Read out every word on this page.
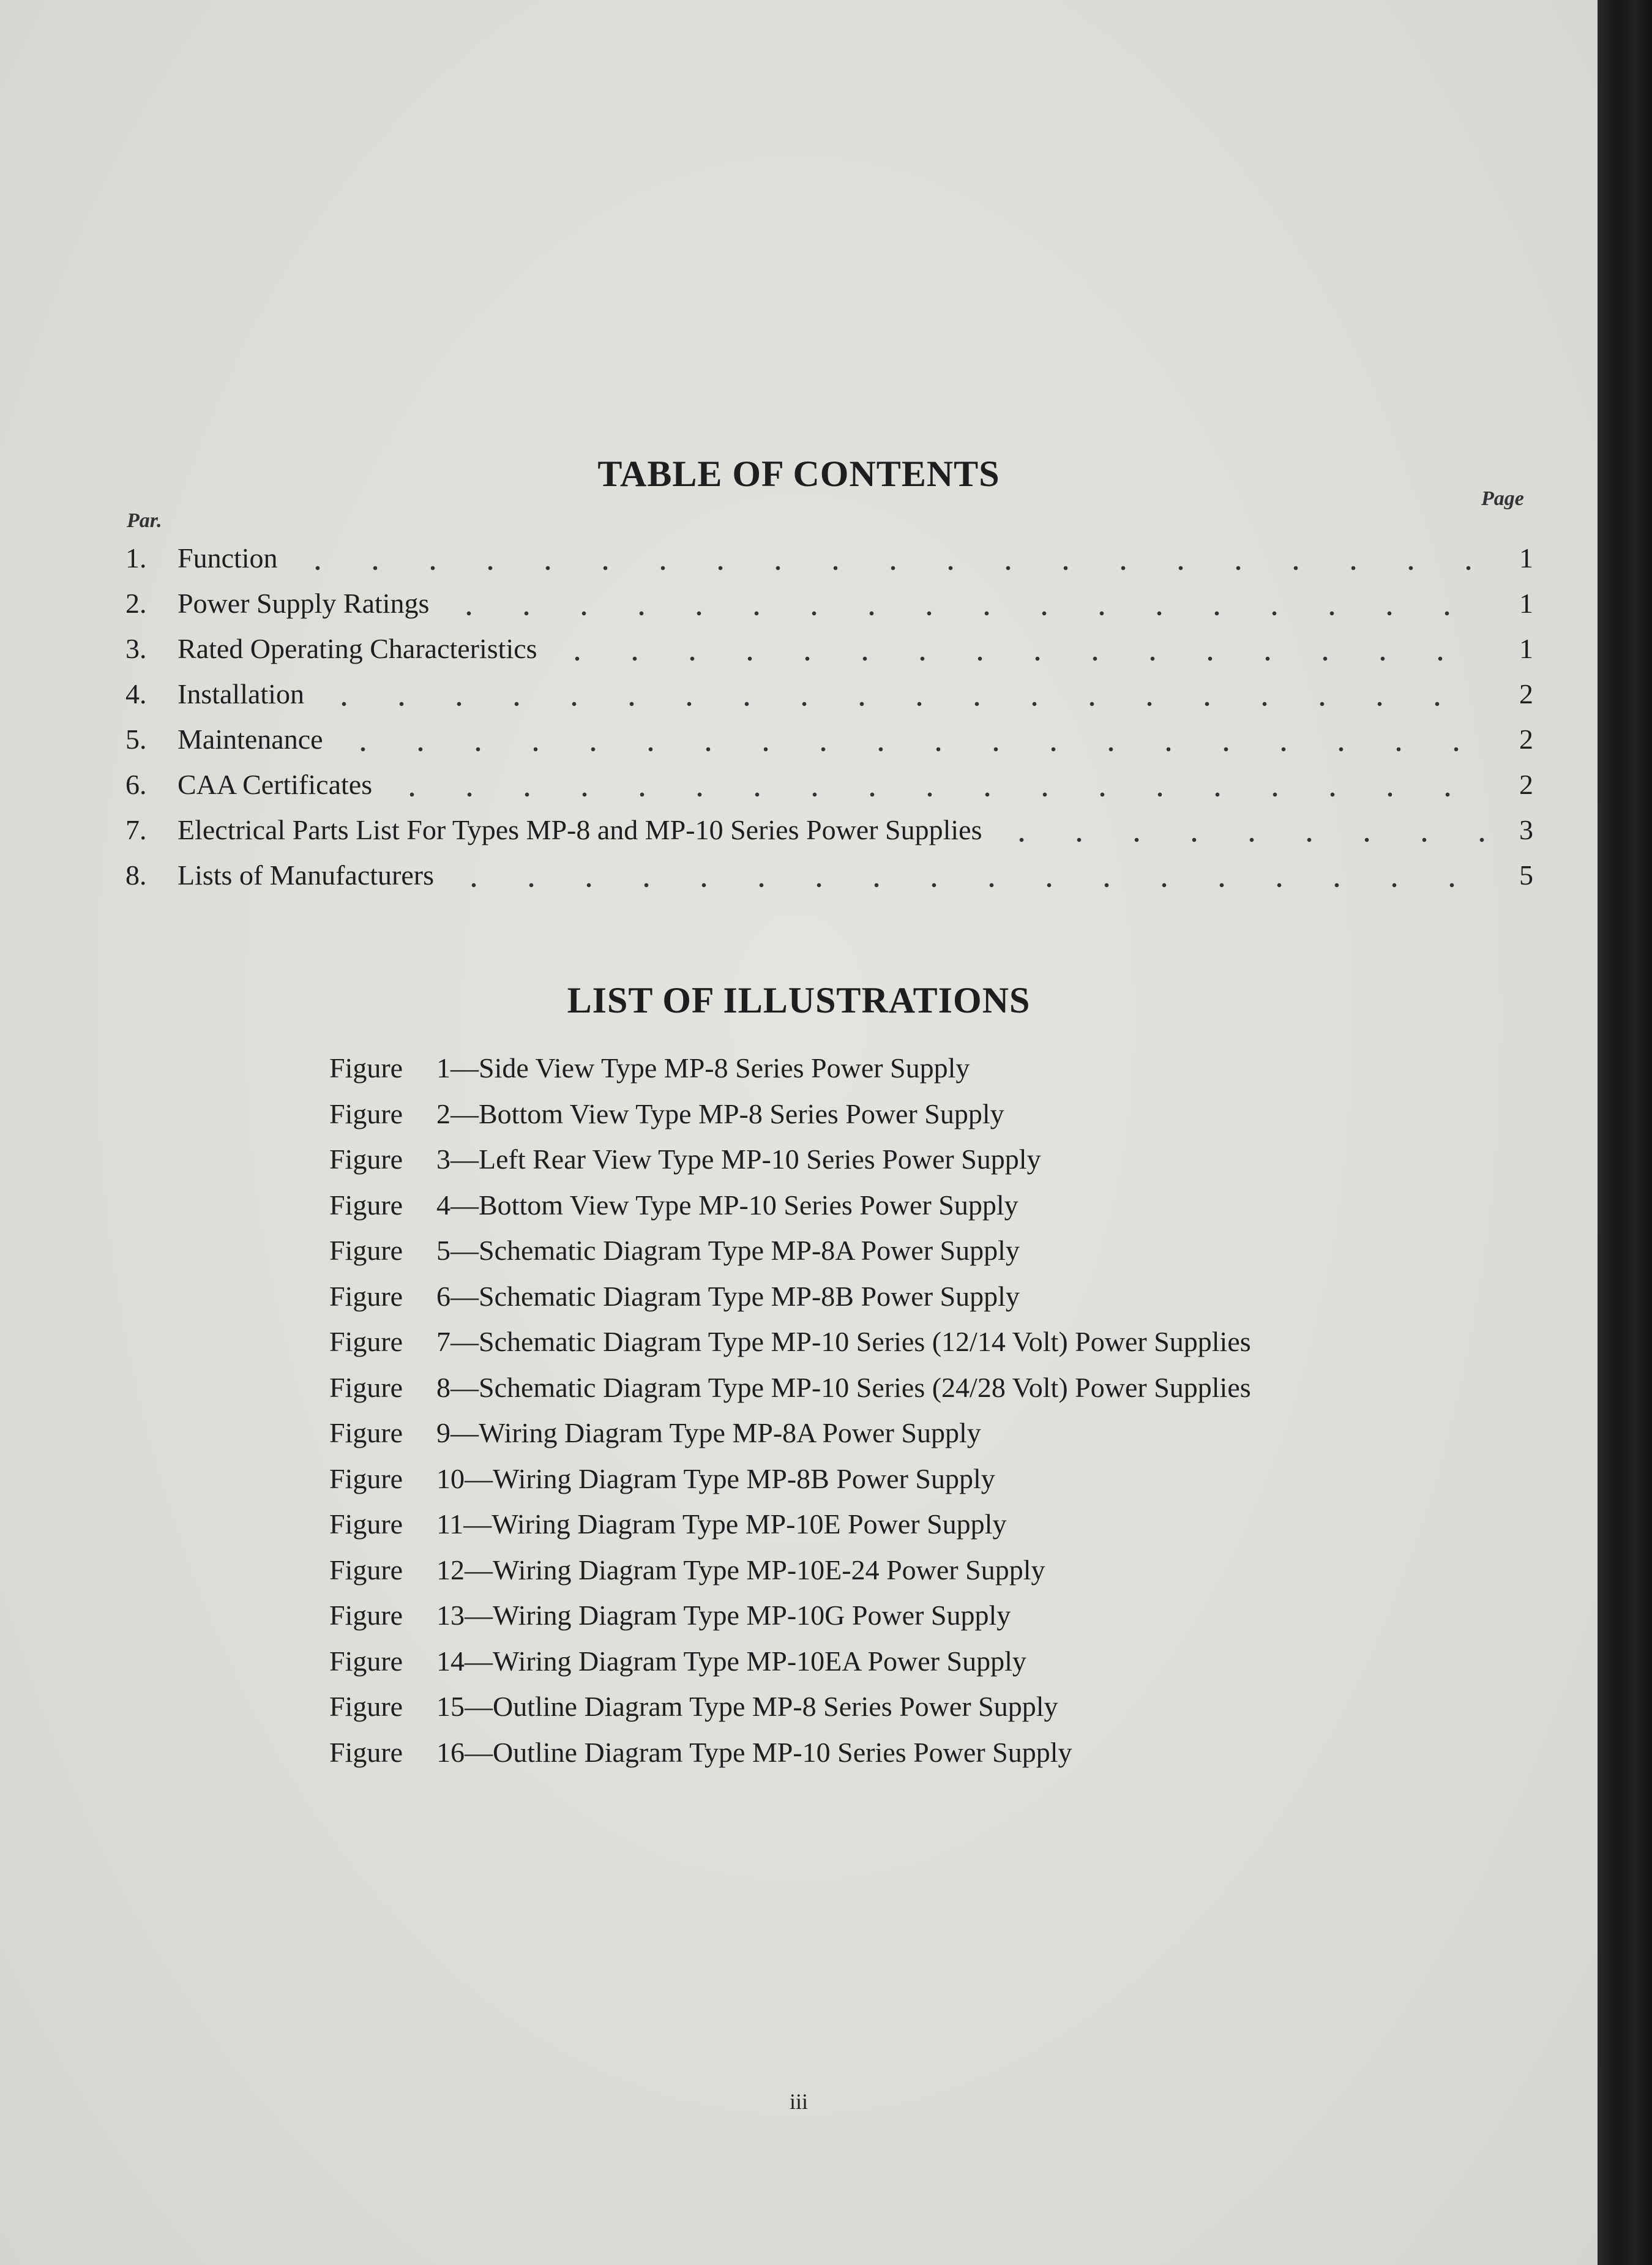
TABLE OF CONTENTS
Par.
Page
1.	Function	1
2.	Power Supply Ratings	1
3.	Rated Operating Characteristics	1
4.	Installation	2
5.	Maintenance	2
6.	CAA Certificates	2
7.	Electrical Parts List For Types MP-8 and MP-10 Series Power Supplies	3
8.	Lists of Manufacturers	5
LIST OF ILLUSTRATIONS
Figure	1—Side View Type MP-8 Series Power Supply
Figure	2—Bottom View Type MP-8 Series Power Supply
Figure	3—Left Rear View Type MP-10 Series Power Supply
Figure	4—Bottom View Type MP-10 Series Power Supply
Figure	5—Schematic Diagram Type MP-8A Power Supply
Figure	6—Schematic Diagram Type MP-8B Power Supply
Figure	7—Schematic Diagram Type MP-10 Series (12/14 Volt) Power Supplies
Figure	8—Schematic Diagram Type MP-10 Series (24/28 Volt) Power Supplies
Figure	9—Wiring Diagram Type MP-8A Power Supply
Figure	10—Wiring Diagram Type MP-8B Power Supply
Figure	11—Wiring Diagram Type MP-10E Power Supply
Figure	12—Wiring Diagram Type MP-10E-24 Power Supply
Figure	13—Wiring Diagram Type MP-10G Power Supply
Figure	14—Wiring Diagram Type MP-10EA Power Supply
Figure	15—Outline Diagram Type MP-8 Series Power Supply
Figure	16—Outline Diagram Type MP-10 Series Power Supply
iii
